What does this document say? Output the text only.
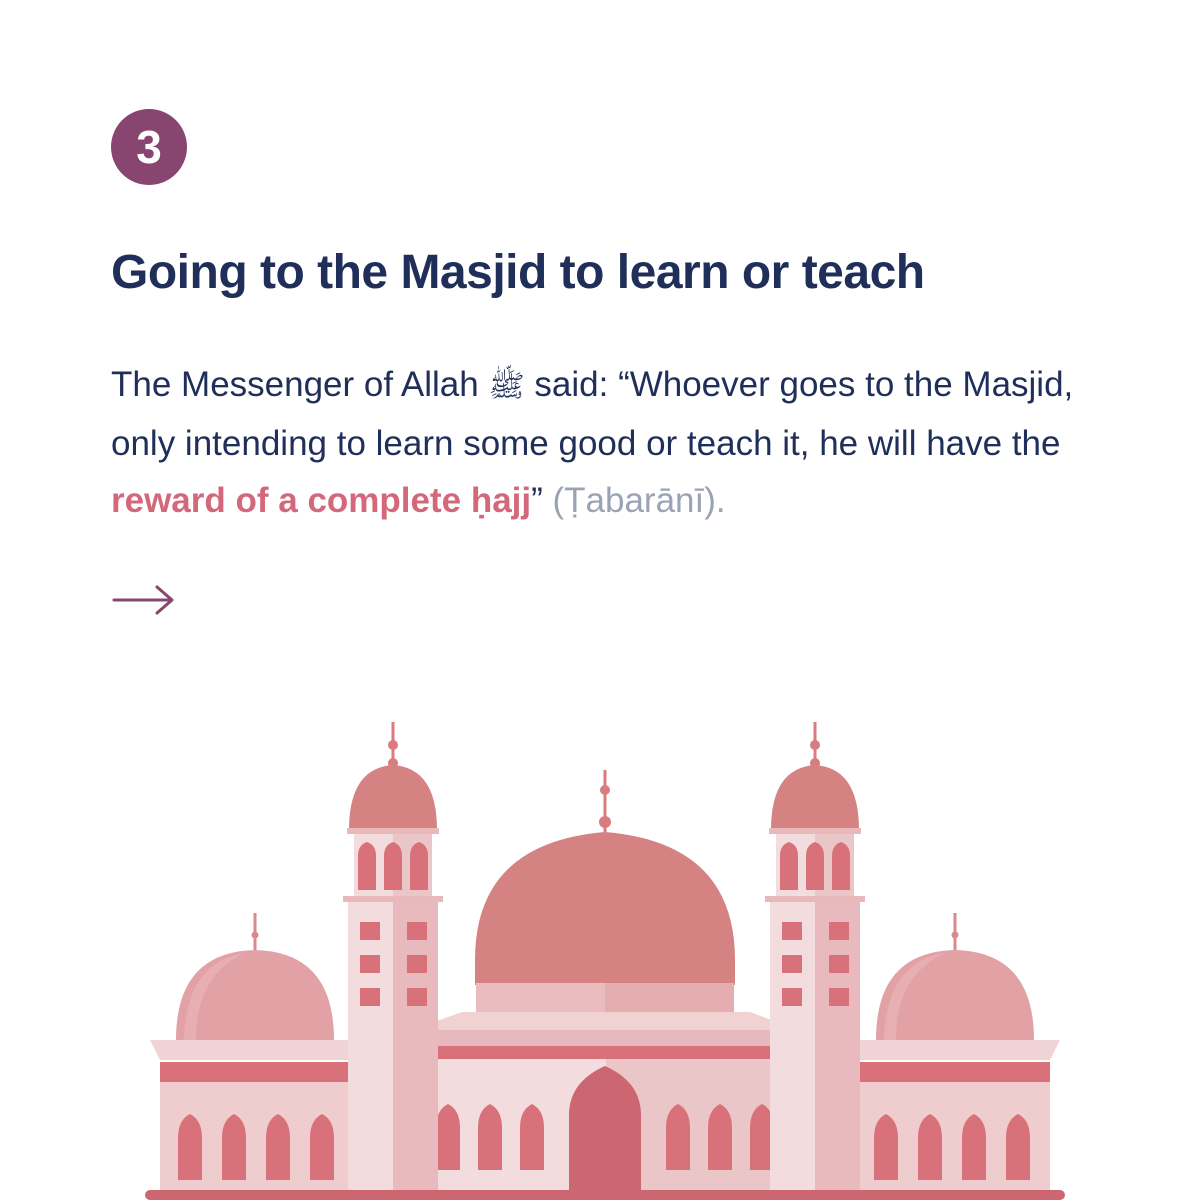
3
Going to the Masjid to learn or teach

The Messenger of Allah ﷺ said: “Whoever goes to the Masjid, only intending to learn some good or teach it, he will have the reward of a complete ḥajj” (Ṭabarānī).
